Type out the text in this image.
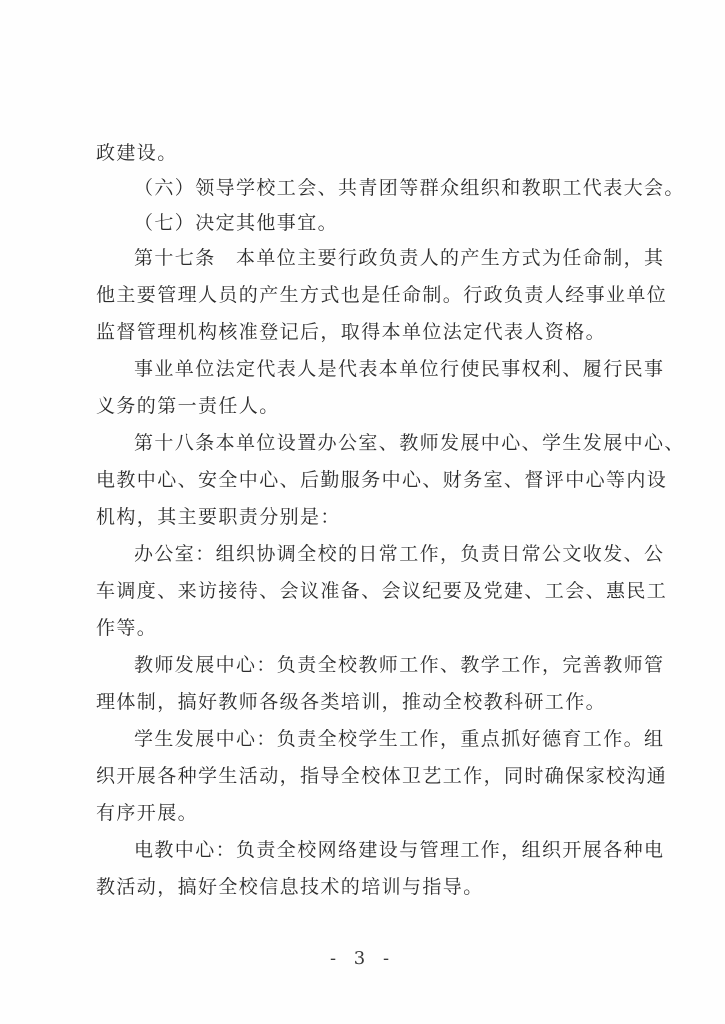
政建设。
（六）领导学校工会、共青团等群众组织和教职工代表大会。
（七）决定其他事宜。
第十七条　本单位主要行政负责人的产生方式为任命制，其
他主要管理人员的产生方式也是任命制。行政负责人经事业单位
监督管理机构核准登记后，取得本单位法定代表人资格。
事业单位法定代表人是代表本单位行使民事权利、履行民事
义务的第一责任人。
第十八条本单位设置办公室、教师发展中心、学生发展中心、
电教中心、安全中心、后勤服务中心、财务室、督评中心等内设
机构，其主要职责分别是：
办公室：组织协调全校的日常工作，负责日常公文收发、公
车调度、来访接待、会议准备、会议纪要及党建、工会、惠民工
作等。
教师发展中心：负责全校教师工作、教学工作，完善教师管
理体制，搞好教师各级各类培训，推动全校教科研工作。
学生发展中心：负责全校学生工作，重点抓好德育工作。组
织开展各种学生活动，指导全校体卫艺工作，同时确保家校沟通
有序开展。
电教中心：负责全校网络建设与管理工作，组织开展各种电
教活动，搞好全校信息技术的培训与指导。
- 3 -
